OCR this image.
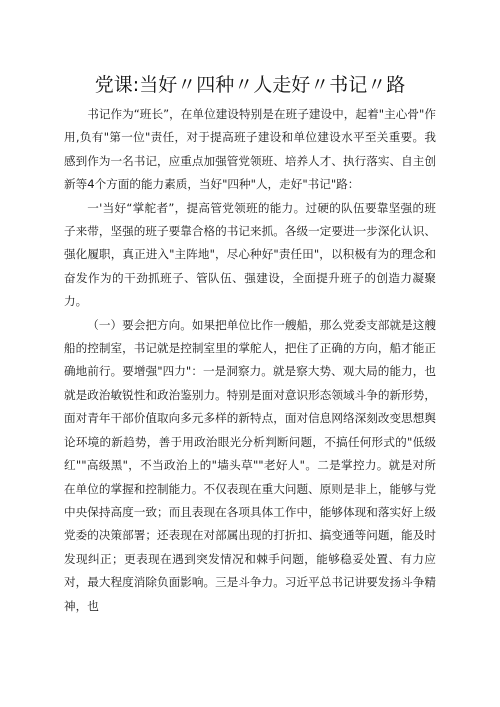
党课:当好〃四种〃人走好〃书记〃路

书记作为“班长”，在单位建设特别是在班子建设中，起着"主心骨"作用,负有"第一位"责任，对于提高班子建设和单位建设水平至关重要。我感到作为一名书记，应重点加强管党领班、培养人才、执行落实、自主创新等4个方面的能力素质，当好"四种"人，走好"书记"路：

一'当好“掌舵者”，提高管党领班的能力。过硬的队伍要靠坚强的班子来带，坚强的班子要靠合格的书记来抓。各级一定要进一步深化认识、强化履职，真正进入"主阵地"，尽心种好"责任田"，以积极有为的理念和奋发作为的干劲抓班子、管队伍、强建设，全面提升班子的创造力凝聚力。

（一）要会把方向。如果把单位比作一艘船，那么党委支部就是这艘船的控制室，书记就是控制室里的掌舵人，把住了正确的方向，船才能正确地前行。要增强"四力"：一是洞察力。就是察大势、观大局的能力，也就是政治敏锐性和政治鉴别力。特别是面对意识形态领域斗争的新形势，面对青年干部价值取向多元多样的新特点，面对信息网络深刻改变思想舆论环境的新趋势，善于用政治眼光分析判断问题，不搞任何形式的"低级红""高级黑"，不当政治上的"墙头草""老好人"。二是掌控力。就是对所在单位的掌握和控制能力。不仅表现在重大问题、原则是非上，能够与党中央保持高度一致；而且表现在各项具体工作中，能够体现和落实好上级党委的决策部署；还表现在对部属出现的打折扣、搞变通等问题，能及时发现纠正；更表现在遇到突发情况和棘手问题，能够稳妥处置、有力应对，最大程度消除负面影响。三是斗争力。习近平总书记讲要发扬斗争精神，也
